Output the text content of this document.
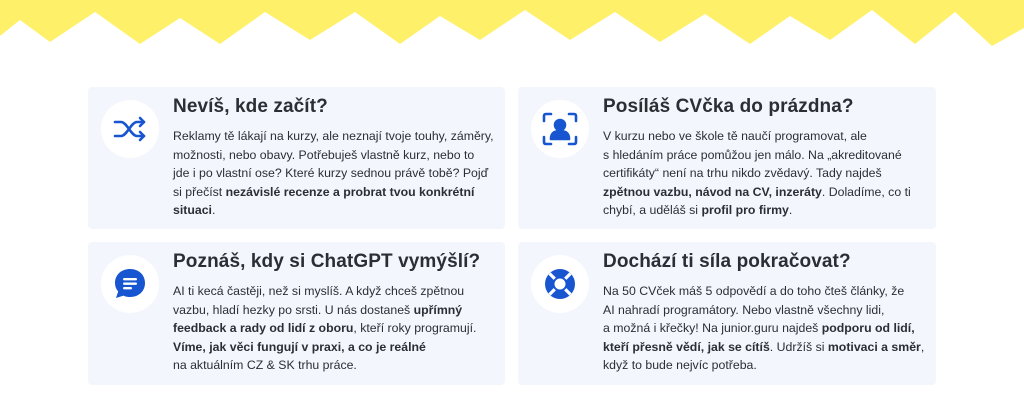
Nevíš, kde začít?

Reklamy tě lákají na kurzy, ale neznají tvoje touhy, záměry,
možnosti, nebo obavy. Potřebuješ vlastně kurz, nebo to
jde i po vlastní ose? Které kurzy sednou právě tobě? Pojď
si přečíst nezávislé recenze a probrat tvou konkrétní
situaci.

Posíláš CVčka do prázdna?

V kurzu nebo ve škole tě naučí programovat, ale
s hledáním práce pomůžou jen málo. Na „akreditované
certifikáty“ není na trhu nikdo zvědavý. Tady najdeš
zpětnou vazbu, návod na CV, inzeráty. Doladíme, co ti
chybí, a uděláš si profil pro firmy.

Poznáš, kdy si ChatGPT vymýšlí?

AI ti kecá častěji, než si myslíš. A když chceš zpětnou
vazbu, hladí hezky po srsti. U nás dostaneš upřímný
feedback a rady od lidí z oboru, kteří roky programují.
Víme, jak věci fungují v praxi, a co je reálné
na aktuálním CZ & SK trhu práce.

Dochází ti síla pokračovat?

Na 50 CVček máš 5 odpovědí a do toho čteš články, že
AI nahradí programátory. Nebo vlastně všechny lidi,
a možná i křečky! Na junior.guru najdeš podporu od lidí,
kteří přesně vědí, jak se cítíš. Udržíš si motivaci a směr,
když to bude nejvíc potřeba.
